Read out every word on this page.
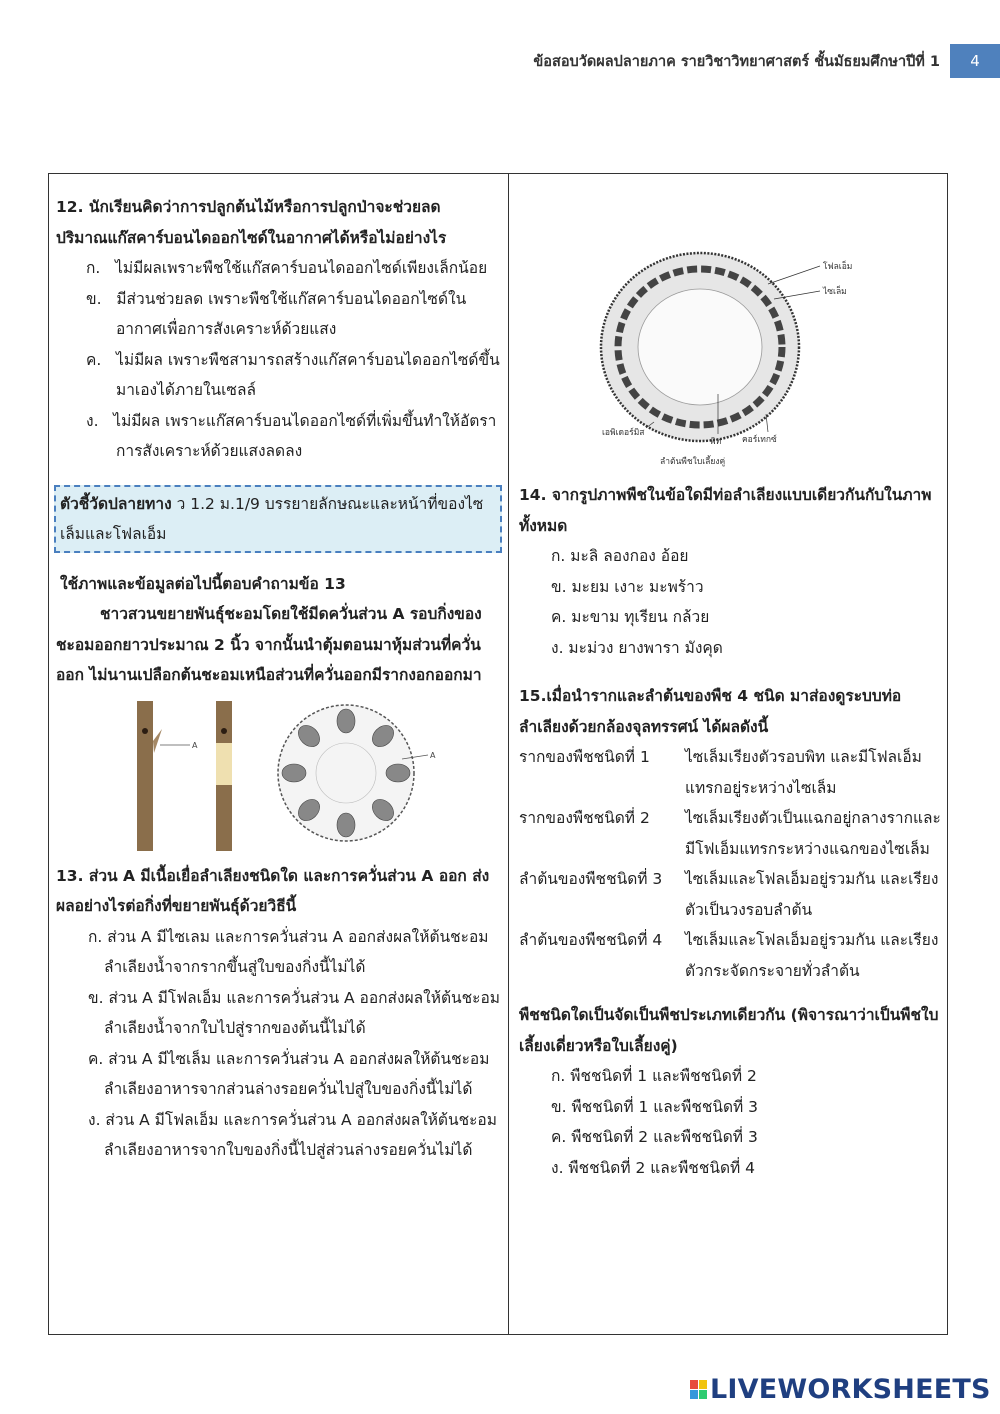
ข้อสอบวัดผลปลายภาค รายวิชาวิทยาศาสตร์ ชั้นมัธยมศึกษาปีที่ 1	4

12. นักเรียนคิดว่าการปลูกต้นไม้หรือการปลูกป่าจะช่วยลด
ปริมาณแก๊สคาร์บอนไดออกไซด์ในอากาศได้หรือไม่อย่างไร

ก. ไม่มีผลเพราะพืชใช้แก๊สคาร์บอนไดออกไซด์เพียงเล็กน้อย
ข. มีส่วนช่วยลด เพราะพืชใช้แก๊สคาร์บอนไดออกไซด์ในอากาศเพื่อการสังเคราะห์ด้วยแสง
ค. ไม่มีผล เพราะพืชสามารถสร้างแก๊สคาร์บอนไดออกไซด์ขึ้นมาเองได้ภายในเซลล์
ง. ไม่มีผล เพราะแก๊สคาร์บอนไดออกไซด์ที่เพิ่มขึ้นทำให้อัตราการสังเคราะห์ด้วยแสงลดลง
ตัวชี้วัดปลายทาง ว 1.2 ม.1/9 บรรยายลักษณะและหน้าที่ของไซเล็มและโฟลเอ็ม

ใช้ภาพและข้อมูลต่อไปนี้ตอบคำถามข้อ 13

ชาวสวนขยายพันธุ์ชะอมโดยใช้มีดควั่นส่วน A รอบกิ่งของชะอมออกยาวประมาณ 2 นิ้ว จากนั้นนำตุ้มตอนมาหุ้มส่วนที่ควั่นออก ไม่นานเปลือกต้นชะอมเหนือส่วนที่ควั่นออกมีรากงอกออกมา

A
A

13. ส่วน A มีเนื้อเยื่อลำเลียงชนิดใด และการควั่นส่วน A ออก ส่งผลอย่างไรต่อกิ่งที่ขยายพันธุ์ด้วยวิธีนี้

ก. ส่วน A มีไซเลม และการควั่นส่วน A ออกส่งผลให้ต้นชะอมลำเลียงน้ำจากรากขึ้นสู่ใบของกิ่งนี้ไม่ได้
ข. ส่วน A มีโฟลเอ็ม และการควั่นส่วน A ออกส่งผลให้ต้นชะอมลำเลียงน้ำจากใบไปสู่รากของต้นนี้ไม่ได้
ค. ส่วน A มีไซเล็ม และการควั่นส่วน A ออกส่งผลให้ต้นชะอมลำเลียงอาหารจากส่วนล่างรอยควั่นไปสู่ใบของกิ่งนี้ไม่ได้
ง. ส่วน A มีโฟลเอ็ม และการควั่นส่วน A ออกส่งผลให้ต้นชะอมลำเลียงอาหารจากใบของกิ่งนี้ไปสู่ส่วนล่างรอยควั่นไม่ได้
โฟลเอ็ม
ไซเล็ม
เอพิเดอร์มิส
พิท คอร์เทกซ์
ลำต้นพืชใบเลี้ยงคู่

14. จากรูปภาพพืชในข้อใดมีท่อลำเลียงแบบเดียวกันกับในภาพทั้งหมด

ก. มะลิ ลองกอง อ้อย
ข. มะยม เงาะ มะพร้าว
ค. มะขาม ทุเรียน กล้วย
ง. มะม่วง ยางพารา มังคุด

15.เมื่อนำรากและลำต้นของพืช 4 ชนิด มาส่องดูระบบท่อลำเลียงด้วยกล้องจุลทรรศน์ ได้ผลดังนี้

รากของพืชชนิดที่ 1	ไซเล็มเรียงตัวรอบพิท และมีโฟลเอ็มแทรกอยู่ระหว่างไซเล็ม
รากของพืชชนิดที่ 2	ไซเล็มเรียงตัวเป็นแฉกอยู่กลางรากและมีโฟเอ็มแทรกระหว่างแฉกของไซเล็ม
ลำต้นของพืชชนิดที่ 3	ไซเล็มและโฟลเอ็มอยู่รวมกัน และเรียงตัวเป็นวงรอบลำต้น
ลำต้นของพืชชนิดที่ 4	ไซเล็มและโฟลเอ็มอยู่รวมกัน และเรียงตัวกระจัดกระจายทั่วลำต้น

พืชชนิดใดเป็นจัดเป็นพืชประเภทเดียวกัน (พิจารณาว่าเป็นพืชใบเลี้ยงเดี่ยวหรือใบเลี้ยงคู่)

ก. พืชชนิดที่ 1 และพืชชนิดที่ 2
ข. พืชชนิดที่ 1 และพืชชนิดที่ 3
ค. พืชชนิดที่ 2 และพืชชนิดที่ 3
ง. พืชชนิดที่ 2 และพืชชนิดที่ 4
LIVEWORKSHEETS
